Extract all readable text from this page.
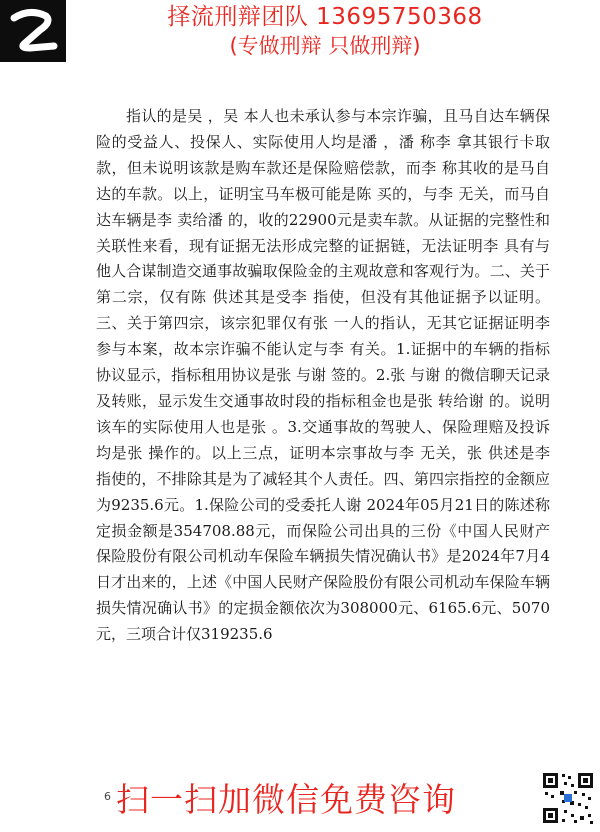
择流刑辩团队 13695750368
(专做刑辩 只做刑辩)

指认的是吴 ，吴 本人也未承认参与本宗诈骗，且马自达车辆保险的受益人、投保人、实际使用人均是潘 ，潘 称李 拿其银行卡取款，但未说明该款是购车款还是保险赔偿款，而李 称其收的是马自达的车款。以上，证明宝马车极可能是陈 买的，与李 无关，而马自达车辆是李 卖给潘 的，收的22900元是卖车款。从证据的完整性和关联性来看，现有证据无法形成完整的证据链，无法证明李 具有与他人合谋制造交通事故骗取保险金的主观故意和客观行为。二、关于第二宗，仅有陈 供述其是受李 指使，但没有其他证据予以证明。三、关于第四宗，该宗犯罪仅有张 一人的指认，无其它证据证明李 参与本案，故本宗诈骗不能认定与李 有关。1.证据中的车辆的指标协议显示，指标租用协议是张 与谢 签的。2.张 与谢 的微信聊天记录及转账，显示发生交通事故时段的指标租金也是张 转给谢 的。说明该车的实际使用人也是张 。3.交通事故的驾驶人、保险理赔及投诉均是张 操作的。以上三点，证明本宗事故与李 无关，张 供述是李 指使的，不排除其是为了减轻其个人责任。四、第四宗指控的金额应为9235.6元。1.保险公司的受委托人谢 2024年05月21日的陈述称定损金额是354708.88元，而保险公司出具的三份《中国人民财产保险股份有限公司机动车保险车辆损失情况确认书》是2024年7月4日才出来的，上述《中国人民财产保险股份有限公司机动车保险车辆损失情况确认书》的定损金额依次为308000元、6165.6元、5070元，三项合计仅319235.6

6 扫一扫加微信免费咨询
